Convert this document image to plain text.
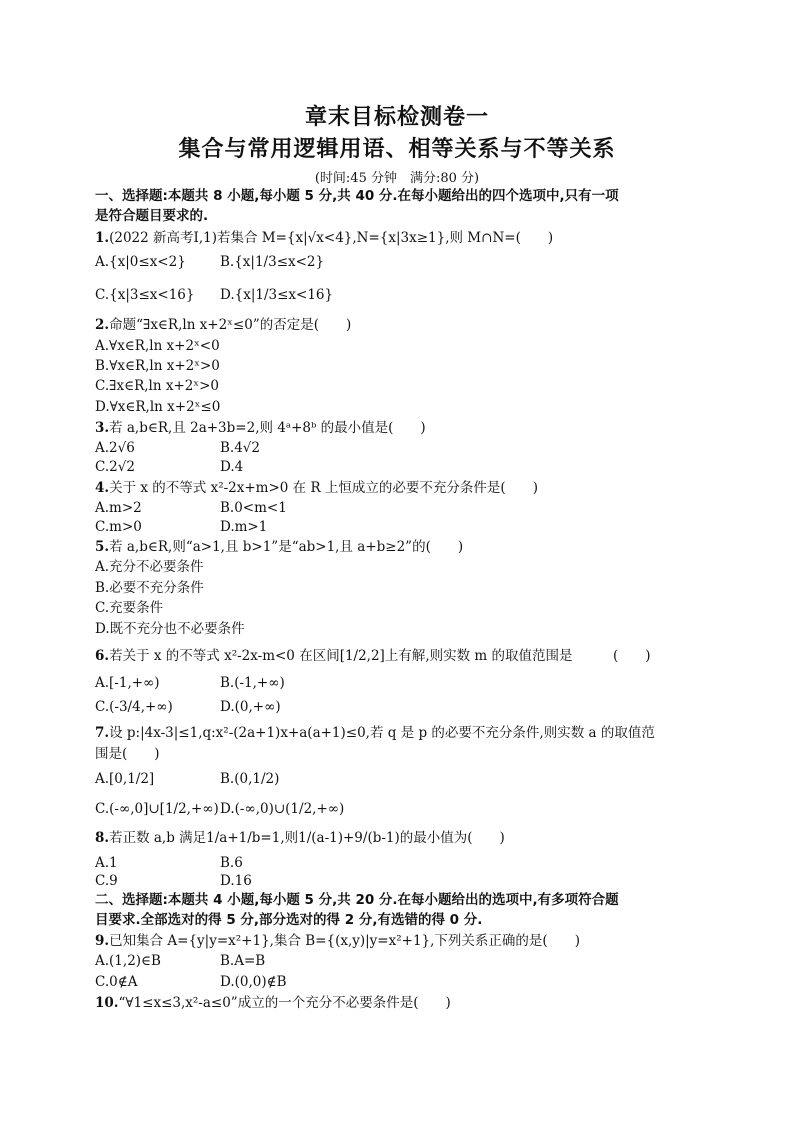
章末目标检测卷一
集合与常用逻辑用语、相等关系与不等关系
(时间:45 分钟　满分:80 分)
一、选择题:本题共 8 小题,每小题 5 分,共 40 分.在每小题给出的四个选项中,只有一项
是符合题目要求的.
1.(2022 新高考Ⅰ,1)若集合 M={x|√x<4},N={x|3x≥1},则 M∩N=(　　)
A.{x|0≤x<2}	B.{x|1/3≤x<2}
C.{x|3≤x<16} D.{x|1/3≤x<16}
2.命题“∃x∈R,ln x+2ˣ≤0”的否定是(　　)
A.∀x∈R,ln x+2ˣ<0
B.∀x∈R,ln x+2ˣ>0
C.∃x∈R,ln x+2ˣ>0
D.∀x∈R,ln x+2ˣ≤0
3.若 a,b∈R,且 2a+3b=2,则 4ᵃ+8ᵇ 的最小值是(　　)
A.2√6	B.4√2
C.2√2	D.4
4.关于 x 的不等式 x²-2x+m>0 在 R 上恒成立的必要不充分条件是(　　)
A.m>2	B.0<m<1
C.m>0	D.m>1
5.若 a,b∈R,则“a>1,且 b>1”是“ab>1,且 a+b≥2”的(　　)
A.充分不必要条件
B.必要不充分条件
C.充要条件
D.既不充分也不必要条件
6.若关于 x 的不等式 x²-2x-m<0 在区间[1/2,2]上有解,则实数 m 的取值范围是　　　(　　)
A.[-1,+∞)	B.(-1,+∞)
C.(-3/4,+∞)	D.(0,+∞)
7.设 p:|4x-3|≤1,q:x²-(2a+1)x+a(a+1)≤0,若 q 是 p 的必要不充分条件,则实数 a 的取值范
围是(　　)
A.[0,1/2]	B.(0,1/2)
C.(-∞,0]∪[1/2,+∞) D.(-∞,0)∪(1/2,+∞)
8.若正数 a,b 满足1/a+1/b=1,则1/(a-1)+9/(b-1)的最小值为(　　)
A.1	B.6
C.9	D.16
二、选择题:本题共 4 小题,每小题 5 分,共 20 分.在每小题给出的选项中,有多项符合题
目要求.全部选对的得 5 分,部分选对的得 2 分,有选错的得 0 分.
9.已知集合 A={y|y=x²+1},集合 B={(x,y)|y=x²+1},下列关系正确的是(　　)
A.(1,2)∈B	B.A=B
C.0∉A	D.(0,0)∉B
10.“∀1≤x≤3,x²-a≤0”成立的一个充分不必要条件是(　　)
